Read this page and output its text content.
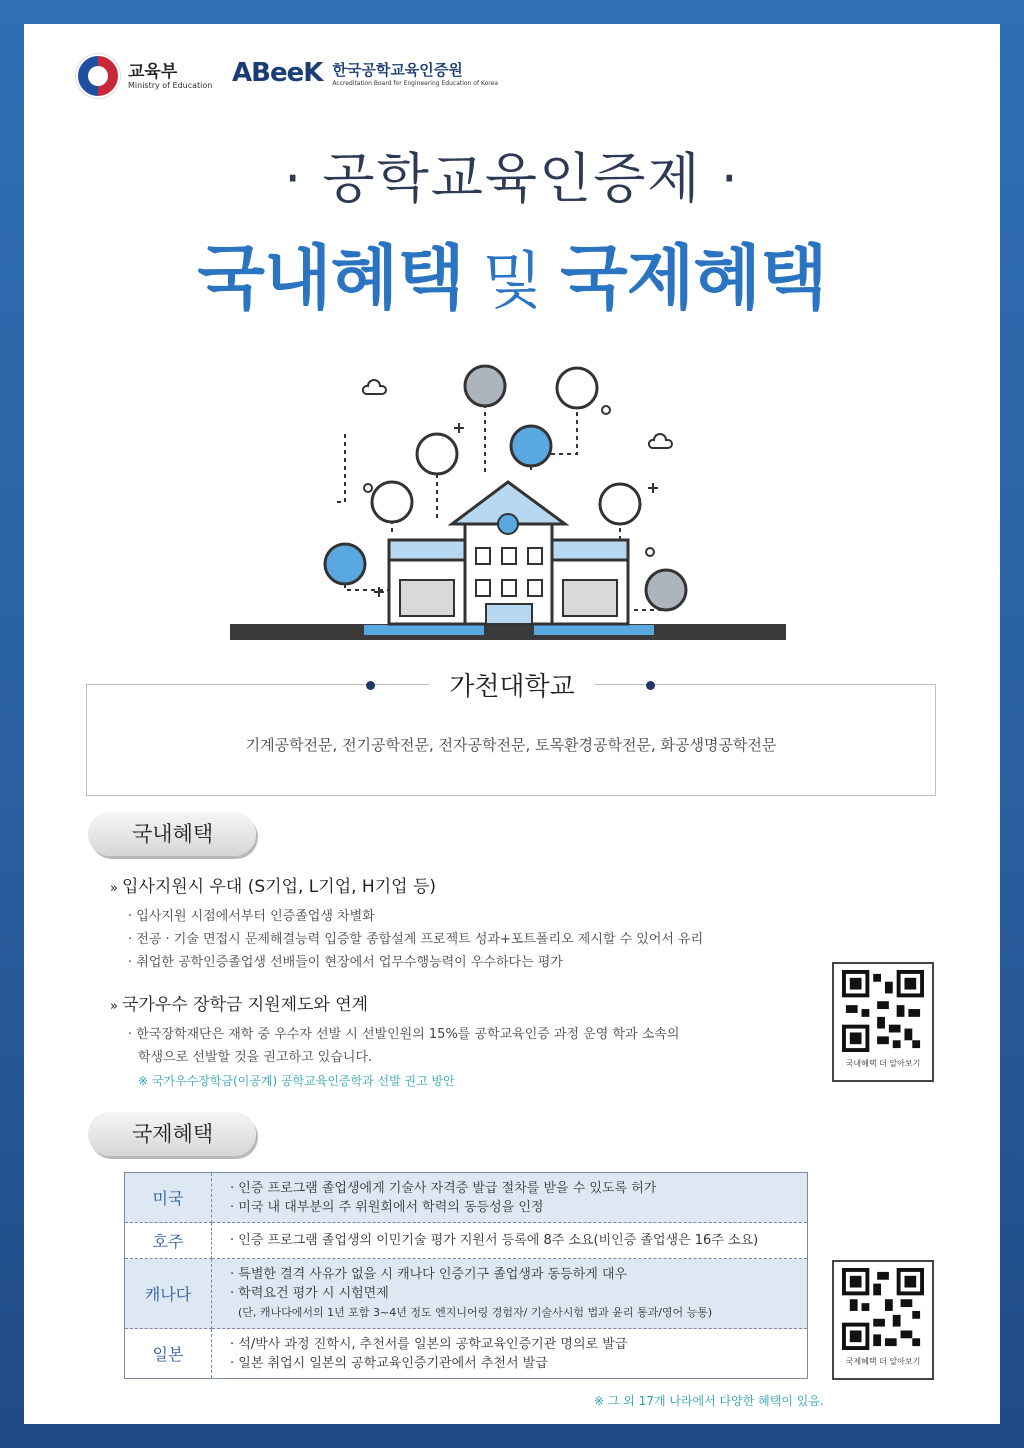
교육부
Ministry of Education ABeeK 한국공학교육인증원
Accreditation Board for Engineering Education of Korea
· 공학교육인증제 ·
국내혜택 및 국제혜택
가천대학교
기계공학전문, 전기공학전문, 전자공학전문, 토목환경공학전문, 화공생명공학전문
국내혜택
» 입사지원시 우대 (S기업, L기업, H기업 등)
· 입사지원 시점에서부터 인증졸업생 차별화
· 전공 · 기술 면접시 문제해결능력 입증할 종합설계 프로젝트 성과+포트폴리오 제시할 수 있어서 유리
· 취업한 공학인증졸업생 선배들이 현장에서 업무수행능력이 우수하다는 평가
» 국가우수 장학금 지원제도와 연계
· 한국장학재단은 재학 중 우수자 선발 시 선발인원의 15%를 공학교육인증 과정 운영 학과 소속의
학생으로 선발할 것을 권고하고 있습니다.
※ 국가우수장학금(이공계) 공학교육인증학과 선발 권고 방안
국내혜택 더 알아보기
국제혜택
미국	· 인증 프로그램 졸업생에게 기술사 자격증 발급 절차를 받을 수 있도록 허가
· 미국 내 대부분의 주 위원회에서 학력의 동등성을 인정

호주	· 인증 프로그램 졸업생의 이민기술 평가 지원서 등록에 8주 소요(비인증 졸업생은 16주 소요)

캐나다	· 특별한 결격 사유가 없을 시 캐나다 인증기구 졸업생과 동등하게 대우
· 학력요건 평가 시 시험면제
(단, 캐나다에서의 1년 포함 3~4년 정도 엔지니어링 경험자/ 기술사시험 법과 윤리 통과/영어 능통)

일본	· 석/박사 과정 진학시, 추천서를 일본의 공학교육인증기관 명의로 발급
· 일본 취업시 일본의 공학교육인증기관에서 추천서 발급	국제혜택 더 알아보기
※ 그 외 17개 나라에서 다양한 혜택이 있음.
